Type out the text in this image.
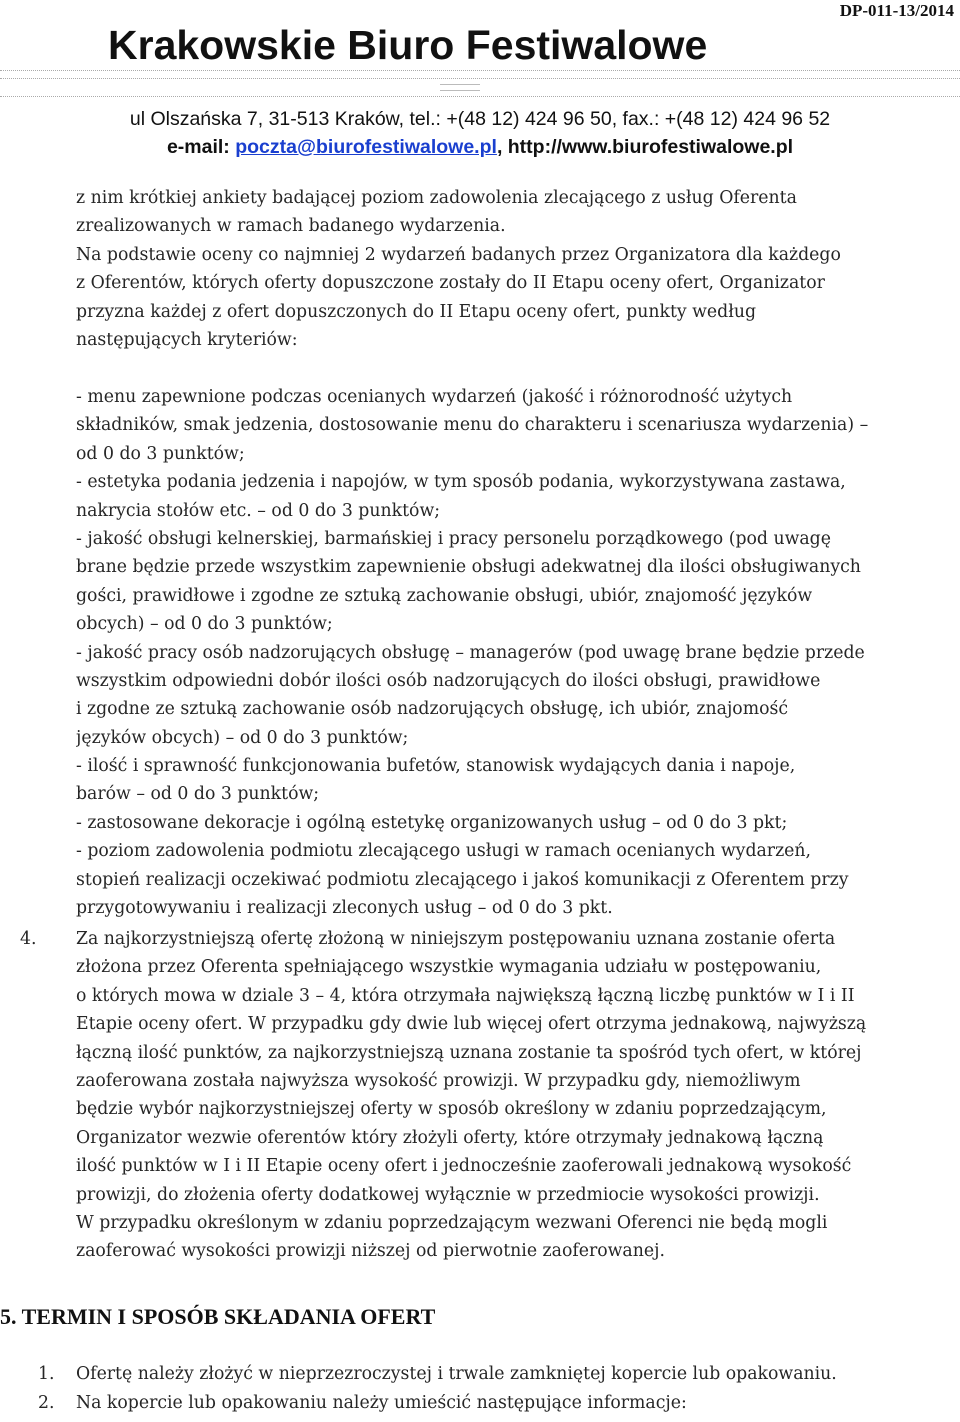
DP-011-13/2014
Krakowskie Biuro Festiwalowe
ul Olszańska 7, 31-513 Kraków, tel.: +(48 12) 424 96 50, fax.: +(48 12) 424 96 52
e-mail: poczta@biurofestiwalowe.pl, http://www.biurofestiwalowe.pl
z nim krótkiej ankiety badającej poziom zadowolenia zlecającego z usług Oferenta
zrealizowanych w ramach badanego wydarzenia.
Na podstawie oceny co najmniej 2 wydarzeń badanych przez Organizatora dla każdego
z Oferentów, których oferty dopuszczone zostały do II Etapu oceny ofert, Organizator
przyzna każdej z ofert dopuszczonych do II Etapu oceny ofert, punkty według
następujących kryteriów:
- menu zapewnione podczas ocenianych wydarzeń (jakość i różnorodność użytych
składników, smak jedzenia, dostosowanie menu do charakteru i scenariusza wydarzenia) –
od 0 do 3 punktów;
- estetyka podania jedzenia i napojów, w tym sposób podania, wykorzystywana zastawa,
nakrycia stołów etc. – od 0 do 3 punktów;
- jakość obsługi kelnerskiej, barmańskiej i pracy personelu porządkowego (pod uwagę
brane będzie przede wszystkim zapewnienie obsługi adekwatnej dla ilości obsługiwanych
gości, prawidłowe i zgodne ze sztuką zachowanie obsługi, ubiór, znajomość języków
obcych) – od 0 do 3 punktów;
- jakość pracy osób nadzorujących obsługę – managerów (pod uwagę brane będzie przede
wszystkim odpowiedni dobór ilości osób nadzorujących do ilości obsługi, prawidłowe
i zgodne ze sztuką zachowanie osób nadzorujących obsługę, ich ubiór, znajomość
języków obcych) – od 0 do 3 punktów;
- ilość i sprawność funkcjonowania bufetów, stanowisk wydających dania i napoje,
barów – od 0 do 3 punktów;
- zastosowane dekoracje i ogólną estetykę organizowanych usług – od 0 do 3 pkt;
- poziom zadowolenia podmiotu zlecającego usługi w ramach ocenianych wydarzeń,
stopień realizacji oczekiwać podmiotu zlecającego i jakoś komunikacji z Oferentem przy
przygotowywaniu i realizacji zleconych usług – od 0 do 3 pkt.
4. Za najkorzystniejszą ofertę złożoną w niniejszym postępowaniu uznana zostanie oferta
złożona przez Oferenta spełniającego wszystkie wymagania udziału w postępowaniu,
o których mowa w dziale 3 – 4, która otrzymała największą łączną liczbę punktów w I i II
Etapie oceny ofert. W przypadku gdy dwie lub więcej ofert otrzyma jednakową, najwyższą
łączną ilość punktów, za najkorzystniejszą uznana zostanie ta spośród tych ofert, w której
zaoferowana została najwyższa wysokość prowizji. W przypadku gdy, niemożliwym
będzie wybór najkorzystniejszej oferty w sposób określony w zdaniu poprzedzającym,
Organizator wezwie oferentów który złożyli oferty, które otrzymały jednakową łączną
ilość punktów w I i II Etapie oceny ofert i jednocześnie zaoferowali jednakową wysokość
prowizji, do złożenia oferty dodatkowej wyłącznie w przedmiocie wysokości prowizji.
W przypadku określonym w zdaniu poprzedzającym wezwani Oferenci nie będą mogli
zaoferować wysokości prowizji niższej od pierwotnie zaoferowanej.
5. TERMIN I SPOSÓB SKŁADANIA OFERT
1. Ofertę należy złożyć w nieprzezroczystej i trwale zamkniętej kopercie lub opakowaniu.
2. Na kopercie lub opakowaniu należy umieścić następujące informacje:
